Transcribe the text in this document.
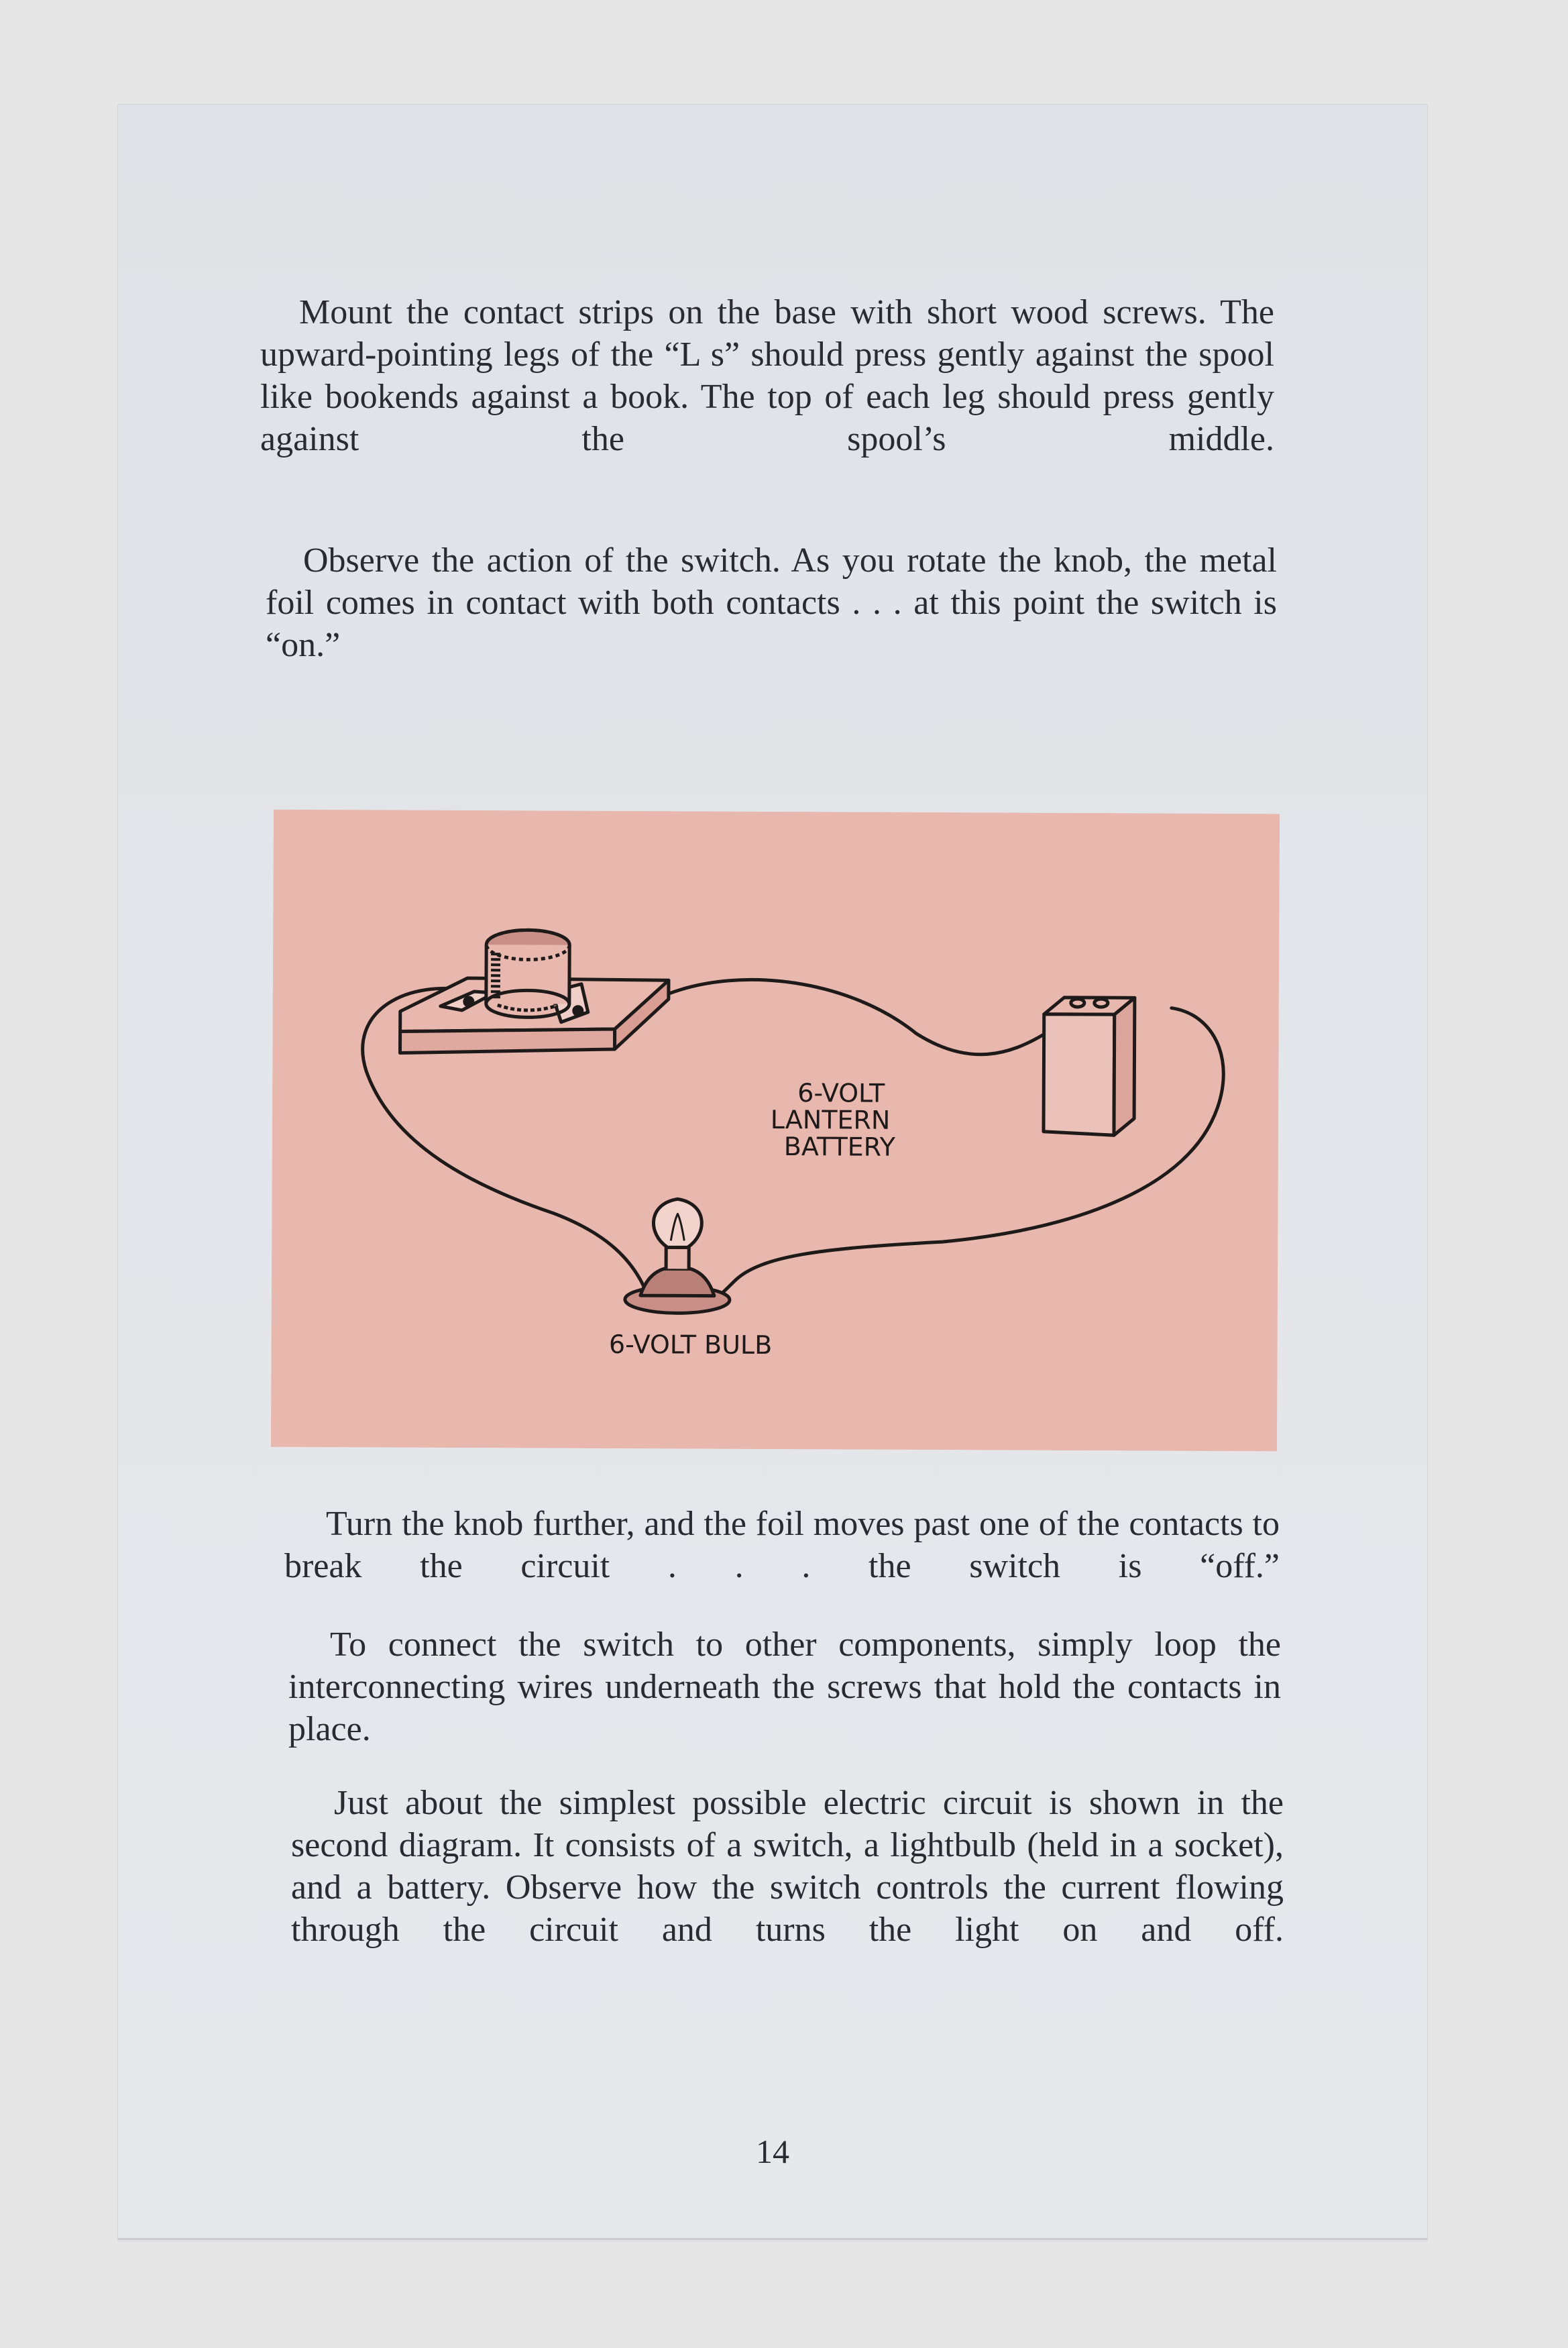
Mount the contact strips on the base with short wood screws. The upward-pointing legs of the “L s” should press gently against the spool like bookends against a book. The top of each leg should press gently against the spool’s middle.

Observe the action of the switch. As you rotate the knob, the metal foil comes in contact with both contacts . . . at this point the switch is “on.”

6-VOLT
LANTERN
BATTERY
6-VOLT BULB

Turn the knob further, and the foil moves past one of the contacts to break the circuit . . . the switch is “off.”

To connect the switch to other components, simply loop the interconnecting wires underneath the screws that hold the contacts in place.

Just about the simplest possible electric circuit is shown in the second diagram. It consists of a switch, a lightbulb (held in a socket), and a battery. Observe how the switch controls the current flowing through the circuit and turns the light on and off.

14
